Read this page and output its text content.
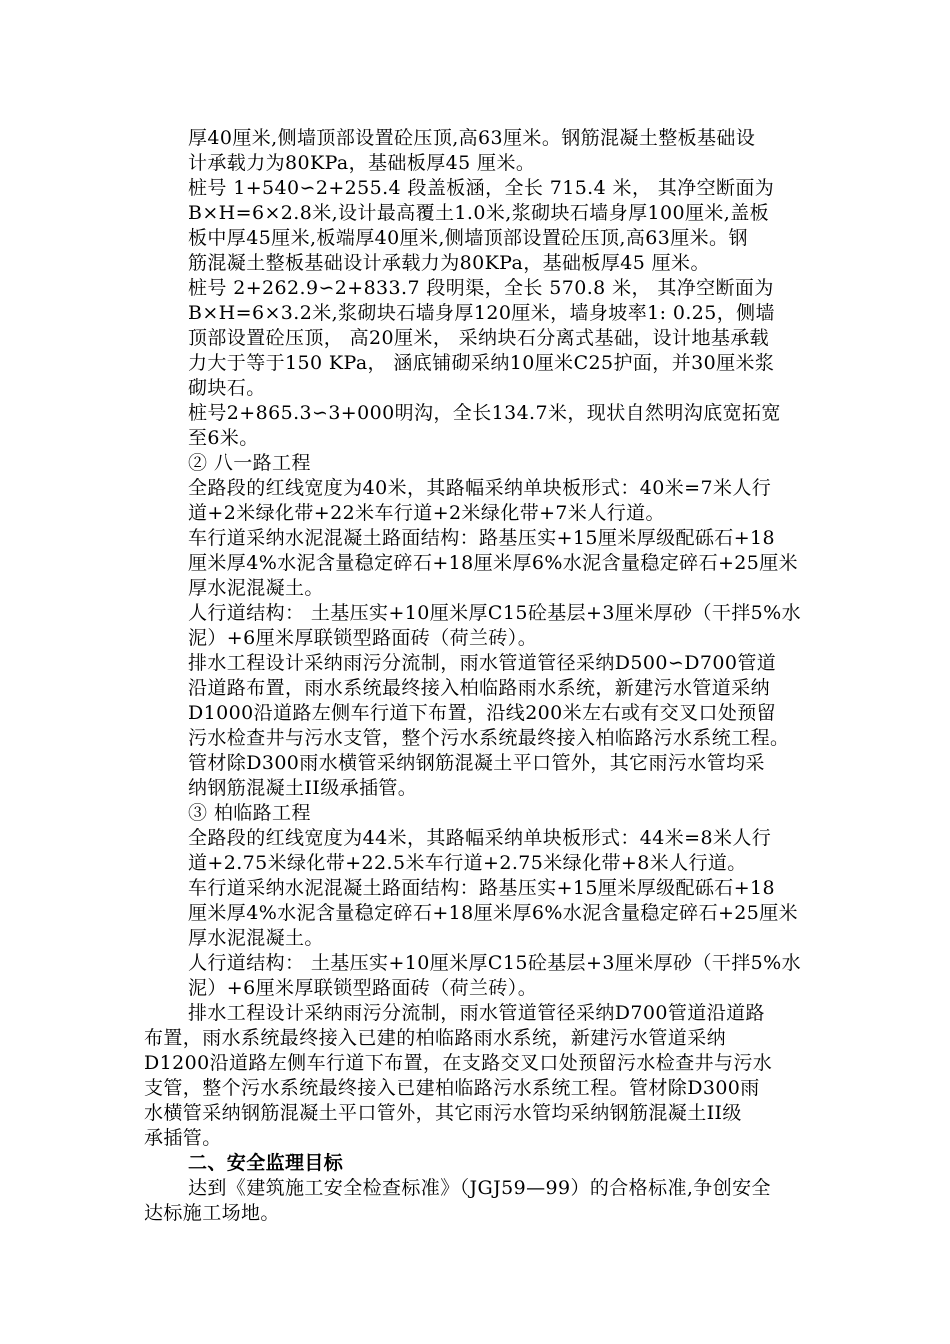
厚40厘米,侧墙顶部设置砼压顶,高63厘米。钢筋混凝土整板基础设
计承载力为80KPa，基础板厚45 厘米。
桩号 1+540∽2+255.4 段盖板涵，全长 715.4 米， 其净空断面为
B×H=6×2.8米,设计最高覆土1.0米,浆砌块石墙身厚100厘米,盖板
板中厚45厘米,板端厚40厘米,侧墙顶部设置砼压顶,高63厘米。钢
筋混凝土整板基础设计承载力为80KPa，基础板厚45 厘米。
桩号 2+262.9∽2+833.7 段明渠，全长 570.8 米， 其净空断面为
B×H=6×3.2米,浆砌块石墙身厚120厘米，墙身坡率1: 0.25，侧墙
顶部设置砼压顶， 高20厘米， 采纳块石分离式基础，设计地基承载
力大于等于150 KPa， 涵底铺砌采纳10厘米C25护面，并30厘米浆
砌块石。
桩号2+865.3∽3+000明沟，全长134.7米，现状自然明沟底宽拓宽
至6米。
② 八一路工程
全路段的红线宽度为40米，其路幅采纳单块板形式：40米=7米人行
道+2米绿化带+22米车行道+2米绿化带+7米人行道。
车行道采纳水泥混凝土路面结构：路基压实+15厘米厚级配砾石+18
厘米厚4%水泥含量稳定碎石+18厘米厚6%水泥含量稳定碎石+25厘米
厚水泥混凝土。
人行道结构： 土基压实+10厘米厚C15砼基层+3厘米厚砂（干拌5%水
泥）+6厘米厚联锁型路面砖（荷兰砖）。
排水工程设计采纳雨污分流制，雨水管道管径采纳D500∽D700管道
沿道路布置，雨水系统最终接入柏临路雨水系统，新建污水管道采纳
D1000沿道路左侧车行道下布置，沿线200米左右或有交叉口处预留
污水检查井与污水支管，整个污水系统最终接入柏临路污水系统工程。
管材除D300雨水横管采纳钢筋混凝土平口管外，其它雨污水管均采
纳钢筋混凝土II级承插管。
③ 柏临路工程
全路段的红线宽度为44米，其路幅采纳单块板形式：44米=8米人行
道+2.75米绿化带+22.5米车行道+2.75米绿化带+8米人行道。
车行道采纳水泥混凝土路面结构：路基压实+15厘米厚级配砾石+18
厘米厚4%水泥含量稳定碎石+18厘米厚6%水泥含量稳定碎石+25厘米
厚水泥混凝土。
人行道结构： 土基压实+10厘米厚C15砼基层+3厘米厚砂（干拌5%水
泥）+6厘米厚联锁型路面砖（荷兰砖）。
排水工程设计采纳雨污分流制，雨水管道管径采纳D700管道沿道路
布置，雨水系统最终接入已建的柏临路雨水系统，新建污水管道采纳
D1200沿道路左侧车行道下布置，在支路交叉口处预留污水检查井与污水
支管，整个污水系统最终接入已建柏临路污水系统工程。管材除D300雨
水横管采纳钢筋混凝土平口管外，其它雨污水管均采纳钢筋混凝土II级
承插管。
二、安全监理目标
达到《建筑施工安全检查标准》（JGJ59—99）的合格标准,争创安全
达标施工场地。
